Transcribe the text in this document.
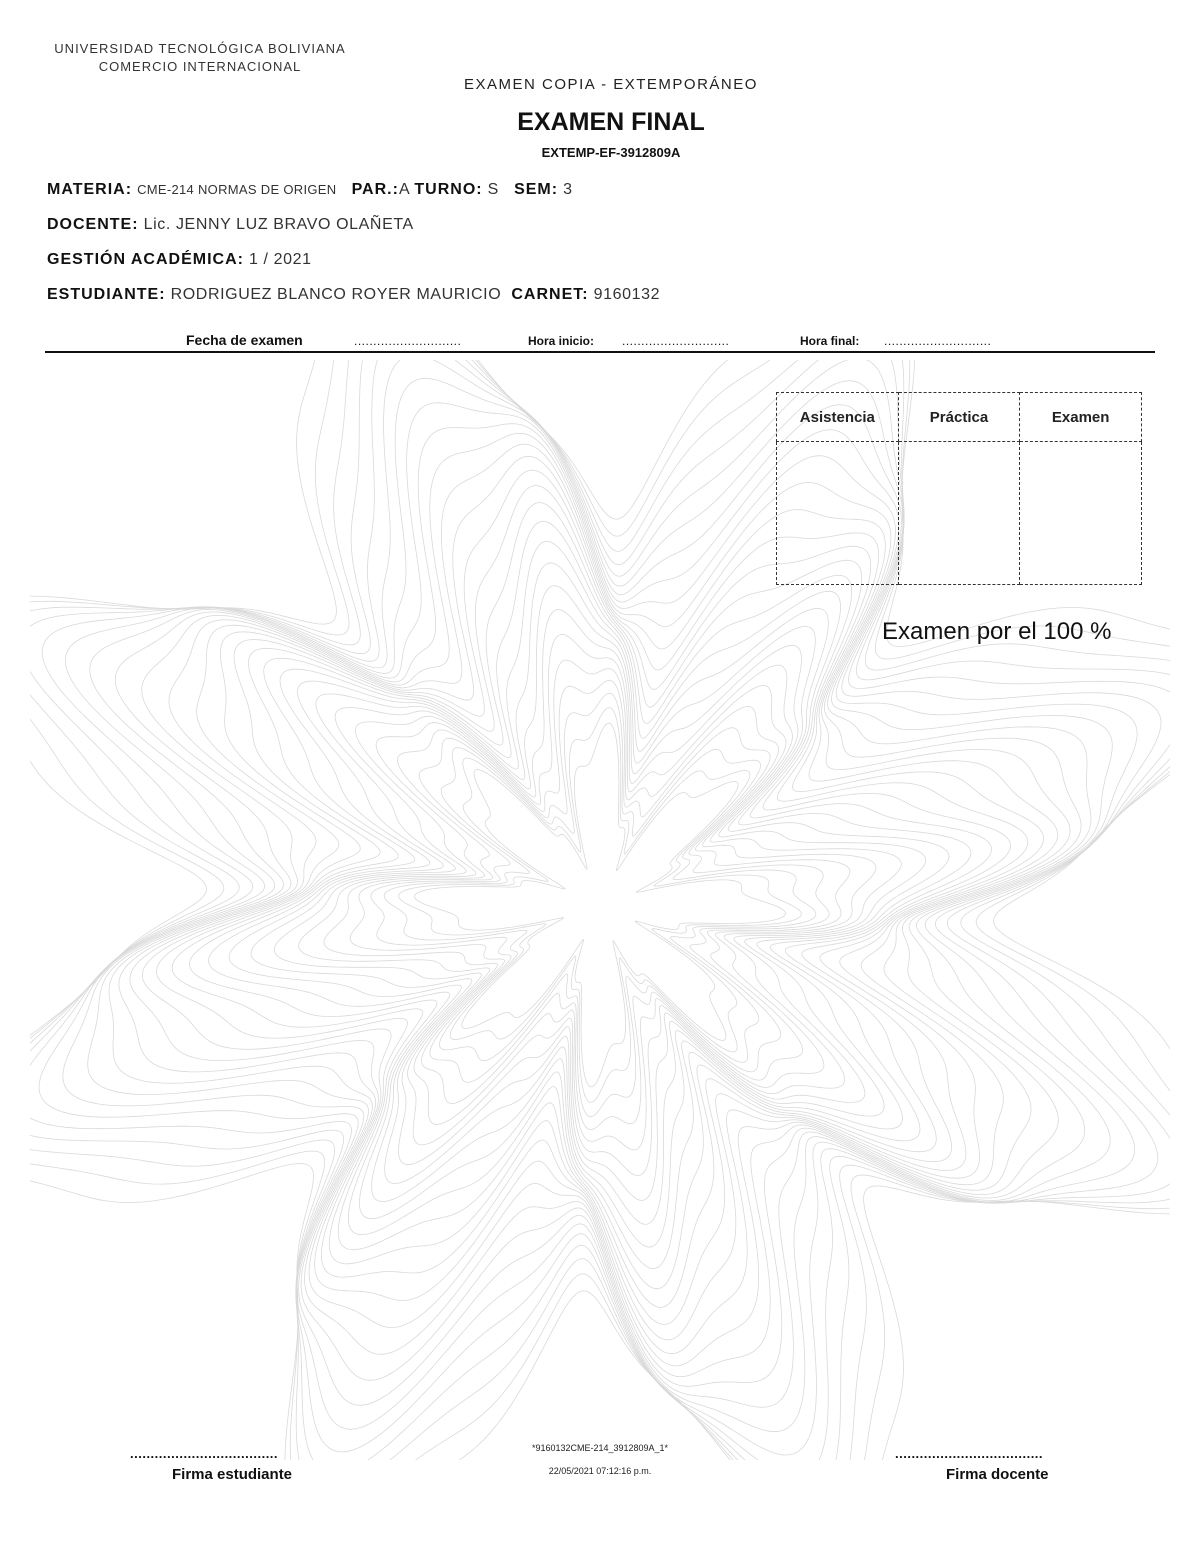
UNIVERSIDAD TECNOLÓGICA BOLIVIANA
COMERCIO INTERNACIONAL
EXAMEN COPIA - EXTEMPORÁNEO
EXAMEN FINAL
EXTEMP-EF-3912809A
MATERIA: CME-214 NORMAS DE ORIGEN PAR.:A TURNO: S SEM: 3
DOCENTE: Lic. JENNY LUZ BRAVO OLAÑETA
GESTIÓN ACADÉMICA: 1 / 2021
ESTUDIANTE: RODRIGUEZ BLANCO ROYER MAURICIO CARNET: 9160132
Fecha de examen	............................	Hora inicio: ............................	Hora final: ............................
Asistencia	Práctica	Examen

Examen por el 100 %
....................................
Firma estudiante
....................................
Firma docente
*9160132CME-214_3912809A_1*
22/05/2021 07:12:16 p.m.
